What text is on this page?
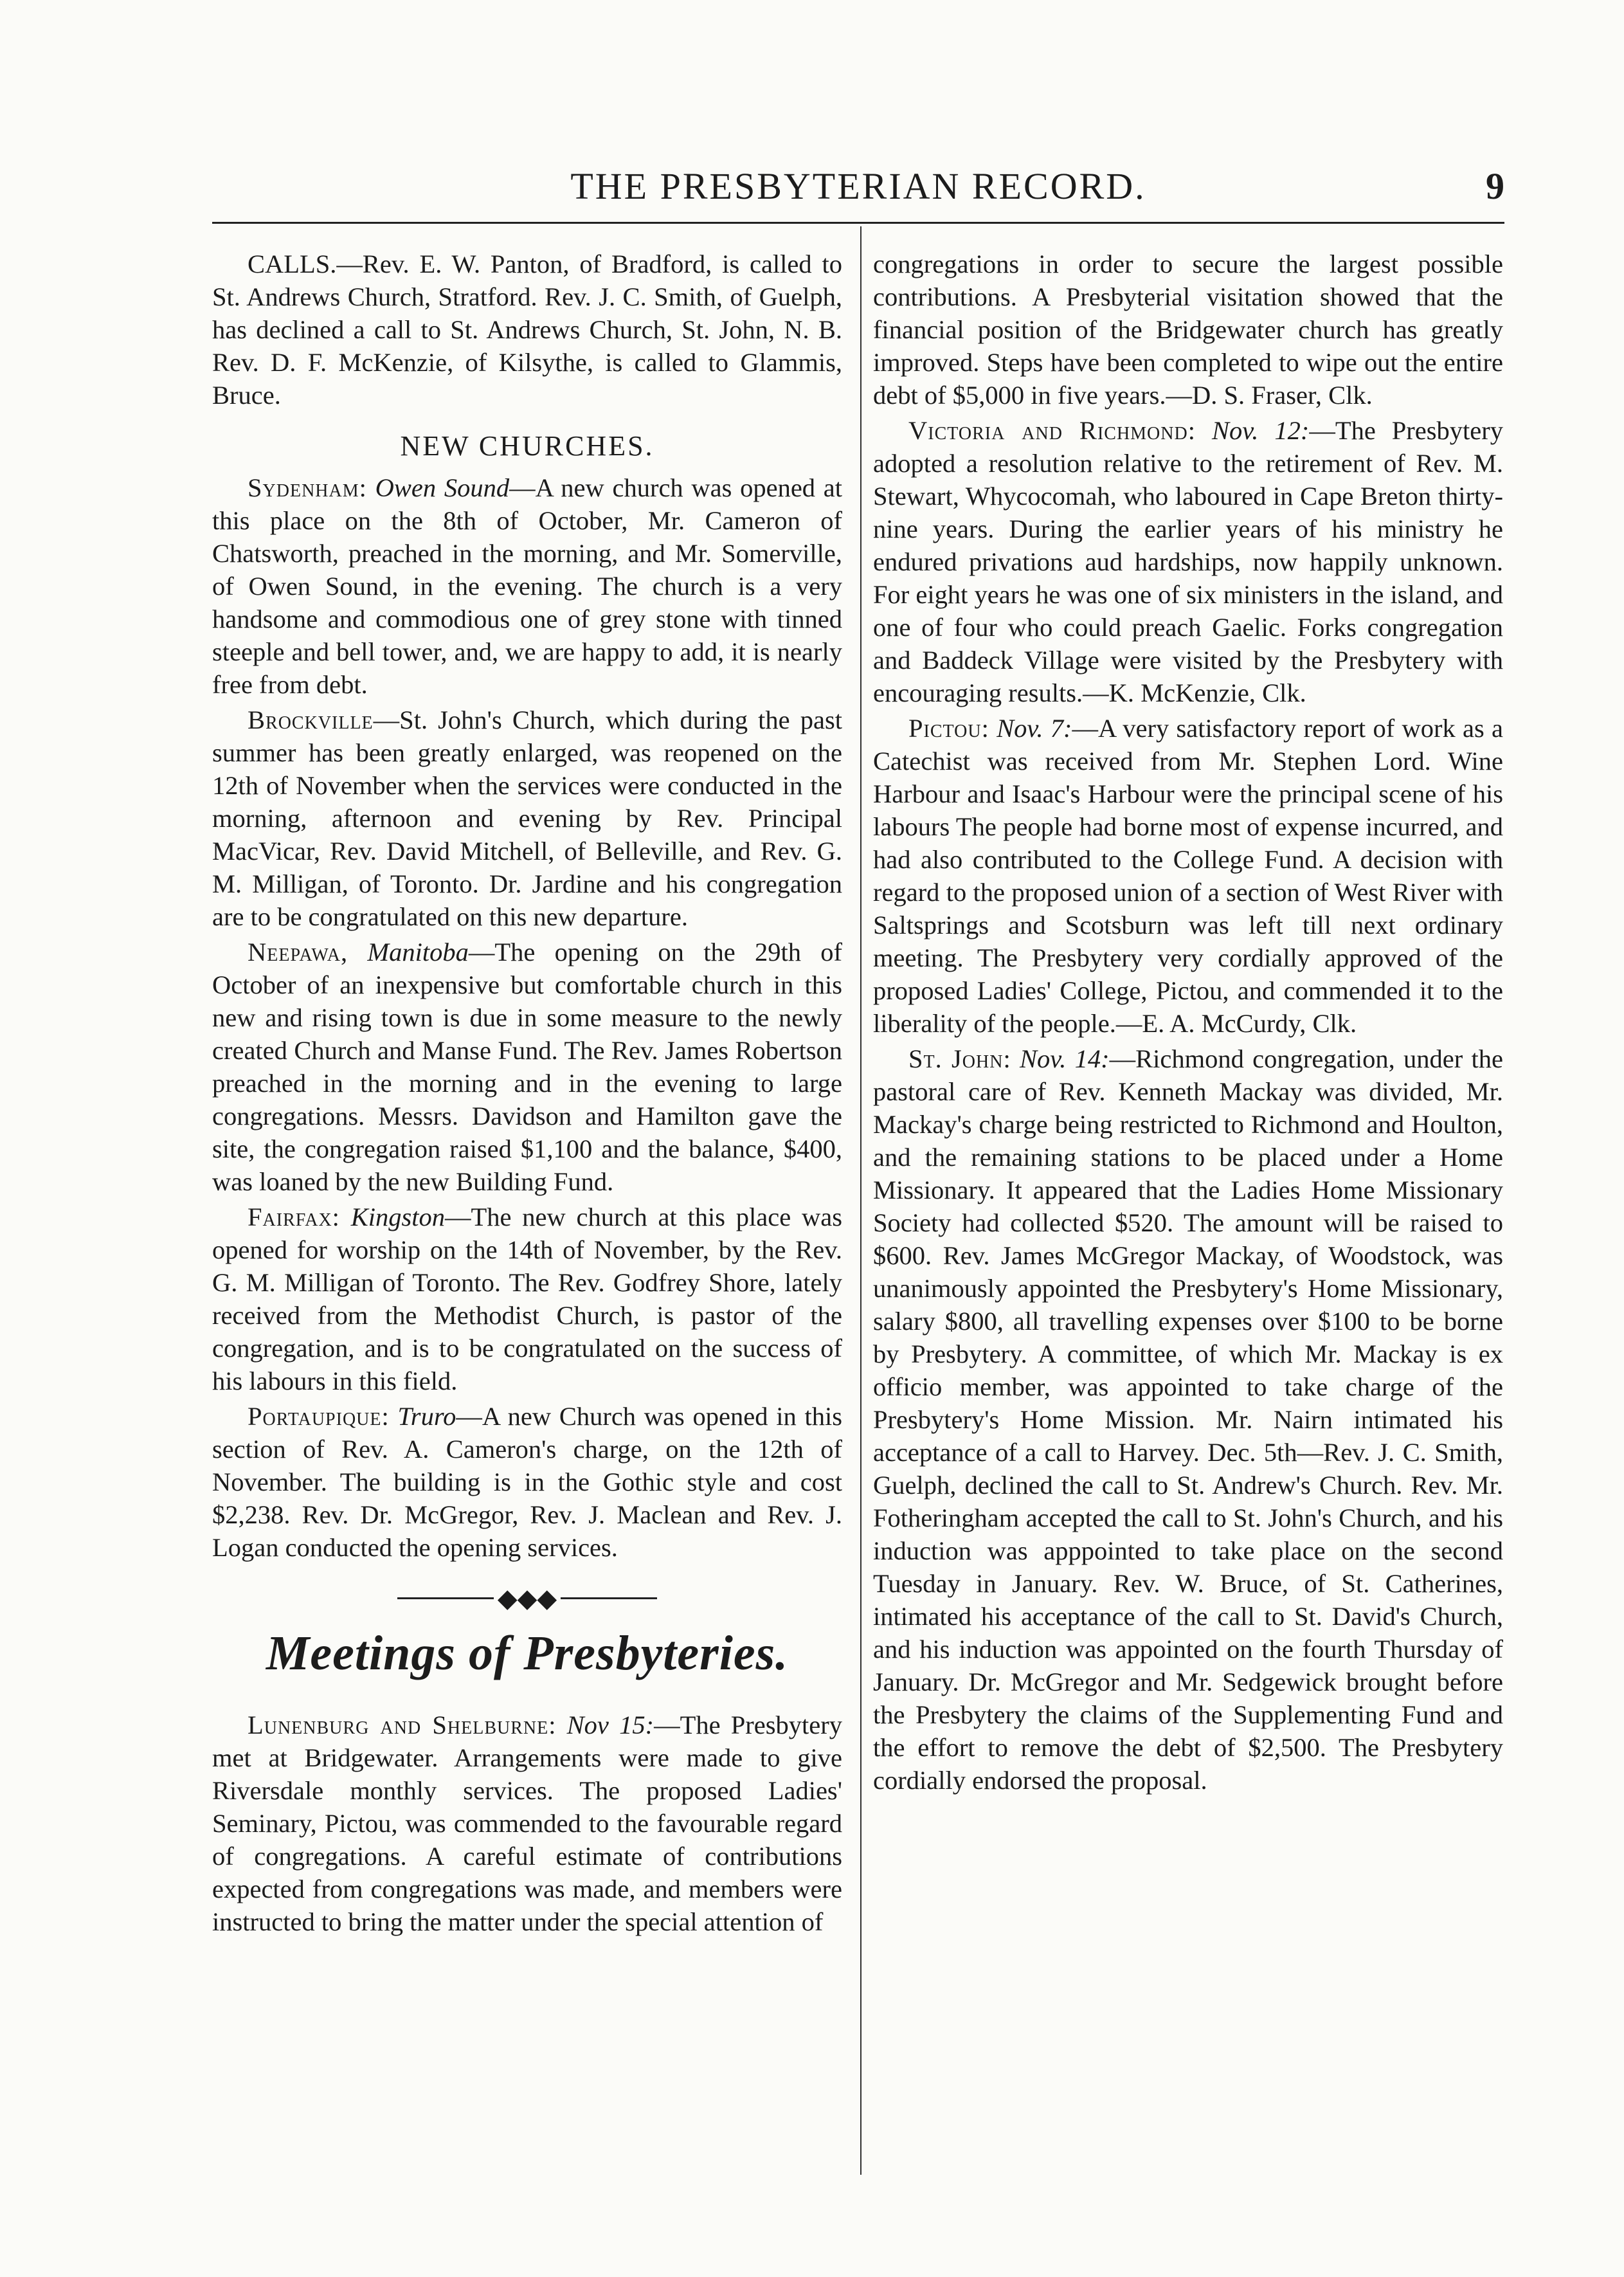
THE PRESBYTERIAN RECORD.	9

CALLS.—Rev. E. W. Panton, of Bradford, is called to St. Andrews Church, Stratford. Rev. J. C. Smith, of Guelph, has declined a call to St. Andrews Church, St. John, N. B. Rev. D. F. McKenzie, of Kilsythe, is called to Glammis, Bruce.

NEW CHURCHES.

Sydenham: Owen Sound—A new church was opened at this place on the 8th of October, Mr. Cameron of Chatsworth, preached in the morning, and Mr. Somerville, of Owen Sound, in the evening. The church is a very handsome and commodious one of grey stone with tinned steeple and bell tower, and, we are happy to add, it is nearly free from debt.

Brockville—St. John's Church, which during the past summer has been greatly enlarged, was reopened on the 12th of November when the services were conducted in the morning, afternoon and evening by Rev. Principal MacVicar, Rev. David Mitchell, of Belleville, and Rev. G. M. Milligan, of Toronto. Dr. Jardine and his congregation are to be congratulated on this new departure.

Neepawa, Manitoba—The opening on the 29th of October of an inexpensive but comfortable church in this new and rising town is due in some measure to the newly created Church and Manse Fund. The Rev. James Robertson preached in the morning and in the evening to large congregations. Messrs. Davidson and Hamilton gave the site, the congregation raised $1,100 and the balance, $400, was loaned by the new Building Fund.

Fairfax: Kingston—The new church at this place was opened for worship on the 14th of November, by the Rev. G. M. Milligan of Toronto. The Rev. Godfrey Shore, lately received from the Methodist Church, is pastor of the congregation, and is to be congratulated on the success of his labours in this field.

Portaupique: Truro—A new Church was opened in this section of Rev. A. Cameron's charge, on the 12th of November. The building is in the Gothic style and cost $2,238. Rev. Dr. McGregor, Rev. J. Maclean and Rev. J. Logan conducted the opening services.

◆◆◆
Meetings of Presbyteries.

Lunenburg and Shelburne: Nov 15:—The Presbytery met at Bridgewater. Arrangements were made to give Riversdale monthly services. The proposed Ladies' Seminary, Pictou, was commended to the favourable regard of congregations. A careful estimate of contributions expected from congregations was made, and members were instructed to bring the matter under the special attention of

congregations in order to secure the largest possible contributions. A Presbyterial visitation showed that the financial position of the Bridgewater church has greatly improved. Steps have been completed to wipe out the entire debt of $5,000 in five years.—D. S. Fraser, Clk.

Victoria and Richmond: Nov. 12:—The Presbytery adopted a resolution relative to the retirement of Rev. M. Stewart, Whycocomah, who laboured in Cape Breton thirty-nine years. During the earlier years of his ministry he endured privations aud hardships, now happily unknown. For eight years he was one of six ministers in the island, and one of four who could preach Gaelic. Forks congregation and Baddeck Village were visited by the Presbytery with encouraging results.—K. McKenzie, Clk.

Pictou: Nov. 7:—A very satisfactory report of work as a Catechist was received from Mr. Stephen Lord. Wine Harbour and Isaac's Harbour were the principal scene of his labours The people had borne most of expense incurred, and had also contributed to the College Fund. A decision with regard to the proposed union of a section of West River with Saltsprings and Scotsburn was left till next ordinary meeting. The Presbytery very cordially approved of the proposed Ladies' College, Pictou, and commended it to the liberality of the people.—E. A. McCurdy, Clk.

St. John: Nov. 14:—Richmond congregation, under the pastoral care of Rev. Kenneth Mackay was divided, Mr. Mackay's charge being restricted to Richmond and Houlton, and the remaining stations to be placed under a Home Missionary. It appeared that the Ladies Home Missionary Society had collected $520. The amount will be raised to $600. Rev. James McGregor Mackay, of Woodstock, was unanimously appointed the Presbytery's Home Missionary, salary $800, all travelling expenses over $100 to be borne by Presbytery. A committee, of which Mr. Mackay is ex officio member, was appointed to take charge of the Presbytery's Home Mission. Mr. Nairn intimated his acceptance of a call to Harvey. Dec. 5th—Rev. J. C. Smith, Guelph, declined the call to St. Andrew's Church. Rev. Mr. Fotheringham accepted the call to St. John's Church, and his induction was apppointed to take place on the second Tuesday in January. Rev. W. Bruce, of St. Catherines, intimated his acceptance of the call to St. David's Church, and his induction was appointed on the fourth Thursday of January. Dr. McGregor and Mr. Sedgewick brought before the Presbytery the claims of the Supplementing Fund and the effort to remove the debt of $2,500. The Presbytery cordially endorsed the proposal.
